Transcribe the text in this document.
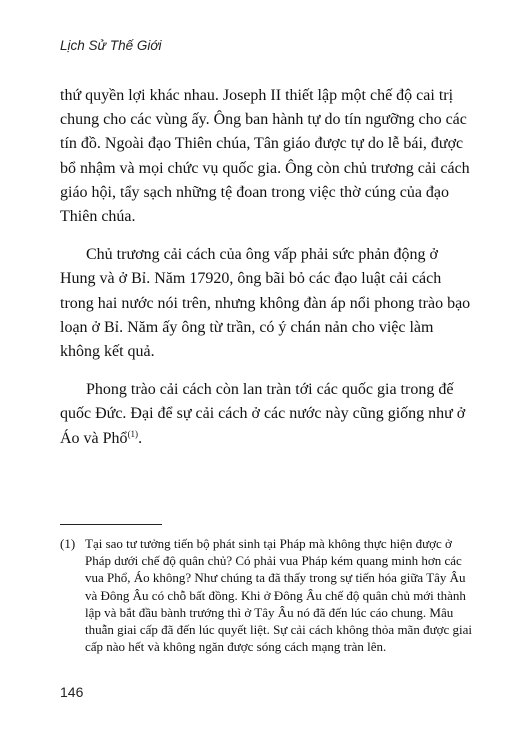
Lịch Sử Thế Giới

thứ quyền lợi khác nhau. Joseph II thiết lập một chế độ cai trị chung cho các vùng ấy. Ông ban hành tự do tín ngưỡng cho các tín đồ. Ngoài đạo Thiên chúa, Tân giáo được tự do lễ bái, được bổ nhậm và mọi chức vụ quốc gia. Ông còn chủ trương cải cách giáo hội, tẩy sạch những tệ đoan trong việc thờ cúng của đạo Thiên chúa.

Chủ trương cải cách của ông vấp phải sức phản động ở Hung và ở Bỉ. Năm 17920, ông bãi bỏ các đạo luật cải cách trong hai nước nói trên, nhưng không đàn áp nổi phong trào bạo loạn ở Bỉ. Năm ấy ông từ trần, có ý chán nản cho việc làm không kết quả.

Phong trào cải cách còn lan tràn tới các quốc gia trong đế quốc Đức. Đại để sự cải cách ở các nước này cũng giống như ở Áo và Phổ$^{(1)}$.

(1) Tại sao tư tưởng tiến bộ phát sinh tại Pháp mà không thực hiện được ở Pháp dưới chế độ quân chủ? Có phải vua Pháp kém quang minh hơn các vua Phổ, Áo không? Như chúng ta đã thấy trong sự tiến hóa giữa Tây Âu và Đông Âu có chỗ bất đồng. Khi ở Đông Âu chế độ quân chủ mới thành lập và bắt đầu bành trướng thì ở Tây Âu nó đã đến lúc cáo chung. Mâu thuẫn giai cấp đã đến lúc quyết liệt. Sự cải cách không thỏa mãn được giai cấp nào hết và không ngăn được sóng cách mạng tràn lên.

146
